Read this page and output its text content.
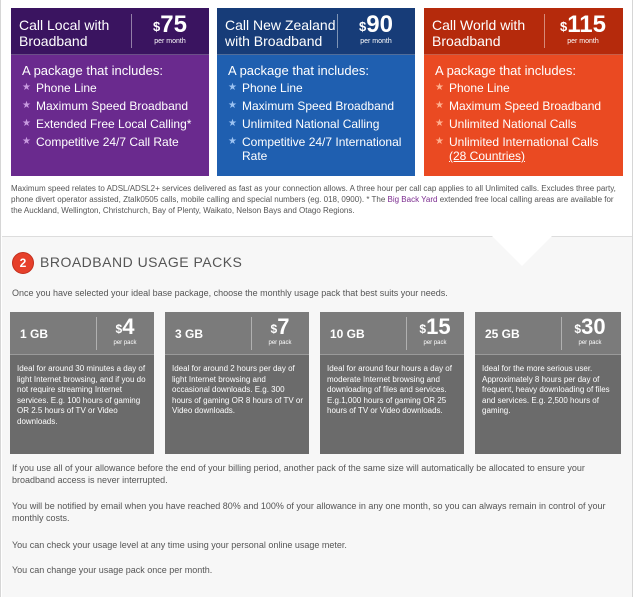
Call Local with Broadband
$75
per month
A package that includes:
★ Phone Line
★ Maximum Speed Broadband
★ Extended Free Local Calling*
★ Competitive 24/7 Call Rate
Call New Zealand with Broadband
$90
per month
A package that includes:
★ Phone Line
★ Maximum Speed Broadband
★ Unlimited National Calling
★ Competitive 24/7 International Rate
Call World with Broadband
$115
per month
A package that includes:
★ Phone Line
★ Maximum Speed Broadband
★ Unlimited National Calls
★ Unlimited International Calls
(28 Countries)
Maximum speed relates to ADSL/ADSL2+ services delivered as fast as your connection allows. A three hour per call cap applies to all Unlimited calls. Excludes three party, phone divert operator assisted, Ztalk0505 calls, mobile calling and special numbers (eg. 018, 0900). * The Big Back Yard extended free local calling areas are available for the Auckland, Wellington, Christchurch, Bay of Plenty, Waikato, Nelson Bays and Otago Regions.
2 BROADBAND USAGE PACKS
Once you have selected your ideal base package, choose the monthly usage pack that best suits your needs.
1 GB	$4
per pack
Ideal for around 30 minutes a day of light Internet browsing, and if you do not require streaming Internet services. E.g. 100 hours of gaming OR 2.5 hours of TV or Video downloads.
3 GB	$7
per pack
Ideal for around 2 hours per day of light Internet browsing and occasional downloads. E.g. 300 hours of gaming OR 8 hours of TV or Video downloads.
10 GB	$15
per pack
Ideal for around four hours a day of moderate Internet browsing and downloading of files and services. E.g.1,000 hours of gaming OR 25 hours of TV or Video downloads.
25 GB	$30
per pack
Ideal for the more serious user. Approximately 8 hours per day of frequent, heavy downloading of files and services. E.g. 2,500 hours of gaming.
If you use all of your allowance before the end of your billing period, another pack of the same size will automatically be allocated to ensure your broadband access is never interrupted.
You will be notified by email when you have reached 80% and 100% of your allowance in any one month, so you can always remain in control of your monthly costs.
You can check your usage level at any time using your personal online usage meter.
You can change your usage pack once per month.
